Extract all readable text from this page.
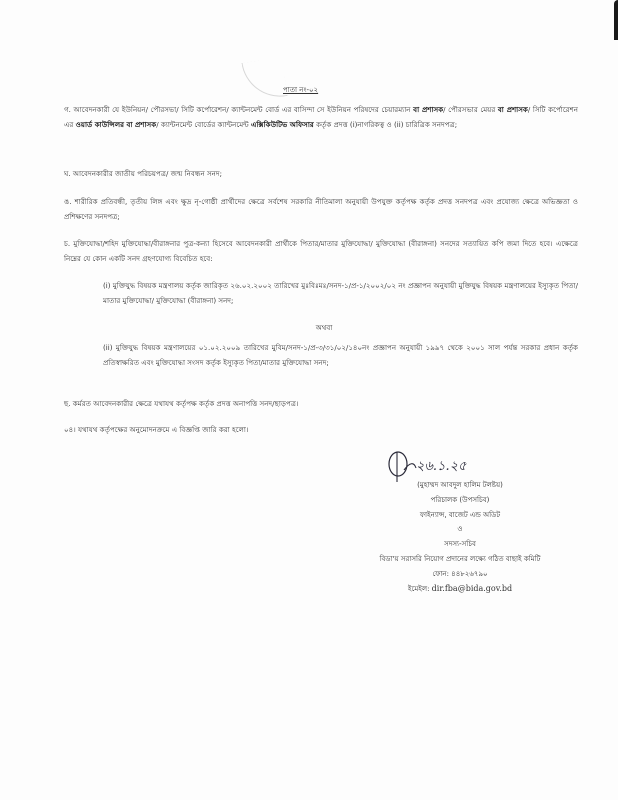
পাতা নং-০২
গ. আবেদনকারী যে ইউনিয়ন/ পৌরসভা/ সিটি কর্পোরেশন/ ক্যান্টনমেন্ট বোর্ড এর বাসিন্দা সে ইউনিয়ন পরিষদের চেয়ারম্যান বা প্রশাসক/ পৌরসভার মেয়র বা প্রশাসক/ সিটি কর্পোরেশন এর ওয়ার্ড কাউন্সিলর বা প্রশাসক/ ক্যান্টনমেন্ট বোর্ডের ক্যান্টনমেন্ট এক্সিকিউটিভ অফিসার কর্তৃক প্রদত্ত (i)নাগরিকত্ব ও (ii) চারিত্রিক সনদপত্র;
ঘ. আবেদনকারীর জাতীয় পরিচয়পত্র/ জন্ম নিবন্ধন সনদ;
ঙ. শারীরিক প্রতিবন্ধী, তৃতীয় লিঙ্গ এবং ক্ষুদ্র নৃ-গোষ্ঠী প্রার্থীদের ক্ষেত্রে সর্বশেষ সরকারি নীতিমালা অনুযায়ী উপযুক্ত কর্তৃপক্ষ কর্তৃক প্রদত্ত সনদপত্র এবং প্রযোজ্য ক্ষেত্রে অভিজ্ঞতা ও প্রশিক্ষণের সনদপত্র;
চ. মুক্তিযোদ্ধা/শহিদ মুক্তিযোদ্ধা/বীরাঙ্গনার পুত্র-কন্যা হিসেবে আবেদনকারী প্রার্থীকে পিতার/মাতার মুক্তিযোদ্ধা/ মুক্তিযোদ্ধা (বীরাঙ্গনা) সনদের সত্যায়িত কপি জমা দিতে হবে। এক্ষেত্রে নিম্নের যে কোন একটি সনদ গ্রহণযোগ্য বিবেচিত হবে:
(i) মুক্তিযুদ্ধ বিষয়ক মন্ত্রণালয় কর্তৃক জারিকৃত ২৬.০২.২০০২ তারিখের মুঃবিঃমঃ/সনদ-১/প্র-১/২০০২/০২ নং প্রজ্ঞাপন অনুযায়ী মুক্তিযুদ্ধ বিষয়ক মন্ত্রণালয়ের ইস্যুকৃত পিতা/মাতার মুক্তিযোদ্ধা/ মুক্তিযোদ্ধা (বীরাঙ্গনা) সনদ;
অথবা
(ii) মুক্তিযুদ্ধ বিষয়ক মন্ত্রণালয়ের ০১.০২.২০০৯ তারিখের মুবিম/সনদ-১/প্র-৩/৩১/০২/১৪০নং প্রজ্ঞাপন অনুযায়ী ১৯৯৭ থেকে ২০০১ সাল পর্যন্ত সরকার প্রধান কর্তৃক প্রতিস্বাক্ষরিত এবং মুক্তিযোদ্ধা সংসদ কর্তৃক ইস্যুকৃত পিতা/মাতার মুক্তিযোদ্ধা সনদ;
ছ. কর্মরত আবেদনকারীর ক্ষেত্রে যথাযথ কর্তৃপক্ষ কর্তৃক প্রদত্ত অনাপত্তি সনদ/ছাড়পত্র।
০৪। যথাযথ কর্তৃপক্ষের অনুমোদনক্রমে এ বিজ্ঞপ্তি জারি করা হলো।
২৬.১.২৫
(মুহাম্মদ আবদুল হালিম টলষ্টয়)
পরিচালক (উপসচিব)
ফাইন্যান্স, বাজেট এন্ড অডিট
ও
সদস্য-সচিব
বিডা'য় সরাসরি নিয়োগ প্রদানের লক্ষ্যে গঠিত বাছাই কমিটি
ফোন: ৪৪৮২৬৭৯০
ইমেইল: dir.fba@bida.gov.bd
